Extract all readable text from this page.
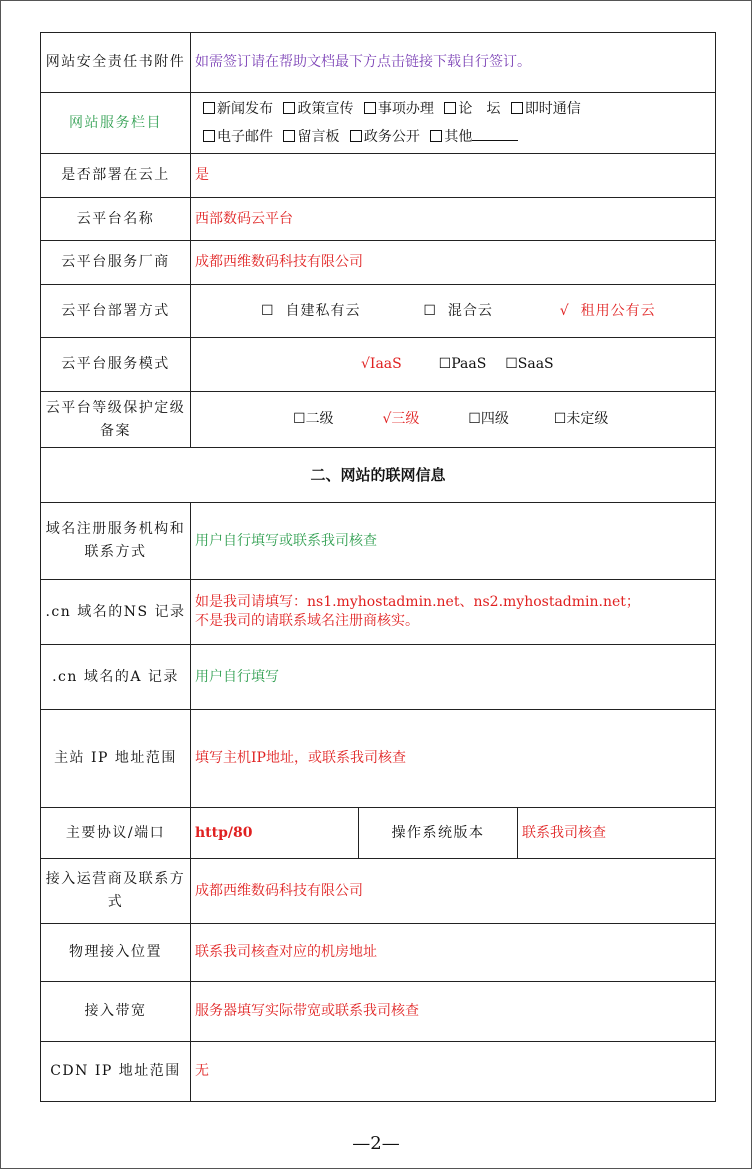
网站安全责任书附件	如需签订请在帮助文档最下方点击链接下载自行签订。		
网站服务栏目	新闻发布 政策宣传 事项办理 论　坛 即时通信
电子邮件 留言板 政务公开 其他		
是否部署在云上	是		
云平台名称	西部数码云平台		
云平台服务厂商	成都西维数码科技有限公司		
云平台部署方式	☐ 自建私有云 ☐ 混合云 √ 租用公有云		
云平台服务模式	√IaaS ☐PaaS ☐SaaS		
云平台等级保护定级备案	☐二级 √三级 ☐四级 ☐未定级		
二、网站的联网信息			
域名注册服务机构和联系方式	用户自行填写或联系我司核查		
.cn 域名的NS 记录	如是我司请填写：ns1.myhostadmin.net、ns2.myhostadmin.net；
不是我司的请联系域名注册商核实。		
.cn 域名的A 记录	用户自行填写		
主站 IP 地址范围	填写主机IP地址，或联系我司核查		
主要协议/端口	http/80	操作系统版本	联系我司核查
接入运营商及联系方式	成都西维数码科技有限公司		
物理接入位置	联系我司核查对应的机房地址		
接入带宽	服务器填写实际带宽或联系我司核查		
CDN IP 地址范围	无		
—2—
